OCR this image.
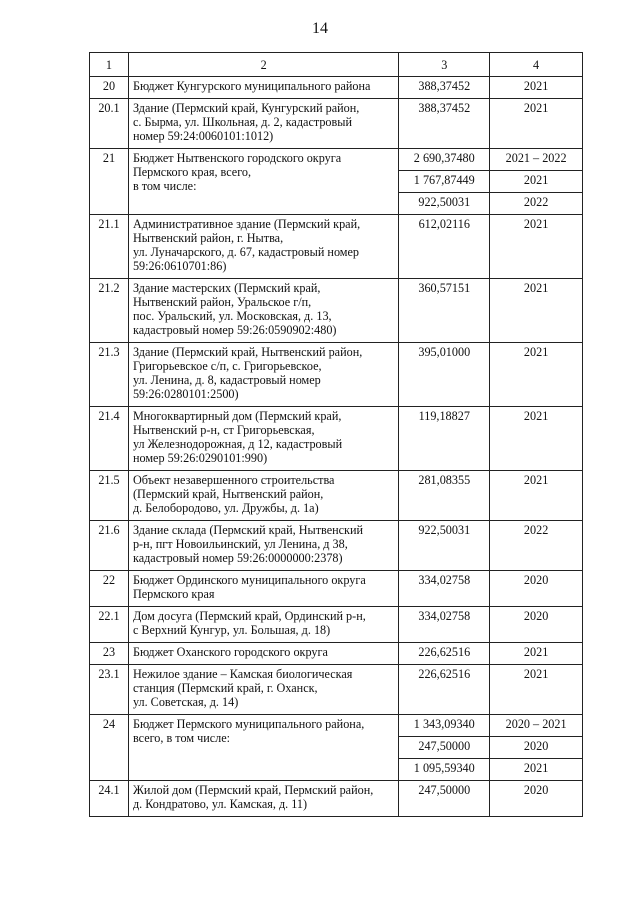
14
1	2	3	4
20	Бюджет Кунгурского муниципального района	388,37452	2021
20.1	Здание (Пермский край, Кунгурский район,
с. Бырма, ул. Школьная, д. 2, кадастровый
номер 59:24:0060101:1012)	388,37452	2021
21	Бюджет Нытвенского городского округа
Пермского края, всего,
в том числе:	2 690,37480	2021 – 2022
		1 767,87449	2021
		922,50031	2022
21.1	Административное здание (Пермский край,
Нытвенский район, г. Нытва,
ул. Луначарского, д. 67, кадастровый номер
59:26:0610701:86)	612,02116	2021
21.2	Здание мастерских (Пермский край,
Нытвенский район, Уральское г/п,
пос. Уральский, ул. Московская, д. 13,
кадастровый номер 59:26:0590902:480)	360,57151	2021
21.3	Здание (Пермский край, Нытвенский район,
Григорьевское с/п, с. Григорьевское,
ул. Ленина, д. 8, кадастровый номер
59:26:0280101:2500)	395,01000	2021
21.4	Многоквартирный дом (Пермский край,
Нытвенский р-н, ст Григорьевская,
ул Железнодорожная, д 12, кадастровый
номер 59:26:0290101:990)	119,18827	2021
21.5	Объект незавершенного строительства
(Пермский край, Нытвенский район,
д. Белобородово, ул. Дружбы, д. 1а)	281,08355	2021
21.6	Здание склада (Пермский край, Нытвенский
р-н, пгт Новоильинский, ул Ленина, д 38,
кадастровый номер 59:26:0000000:2378)	922,50031	2022
22	Бюджет Ординского муниципального округа
Пермского края	334,02758	2020
22.1	Дом досуга (Пермский край, Ординский р-н,
с Верхний Кунгур, ул. Большая, д. 18)	334,02758	2020
23	Бюджет Оханского городского округа	226,62516	2021
23.1	Нежилое здание – Камская биологическая
станция (Пермский край, г. Оханск,
ул. Советская, д. 14)	226,62516	2021
24	Бюджет Пермского муниципального района,
всего, в том числе:	1 343,09340	2020 – 2021
		247,50000	2020
		1 095,59340	2021
24.1	Жилой дом (Пермский край, Пермский район,
д. Кондратово, ул. Камская, д. 11)	247,50000	2020
